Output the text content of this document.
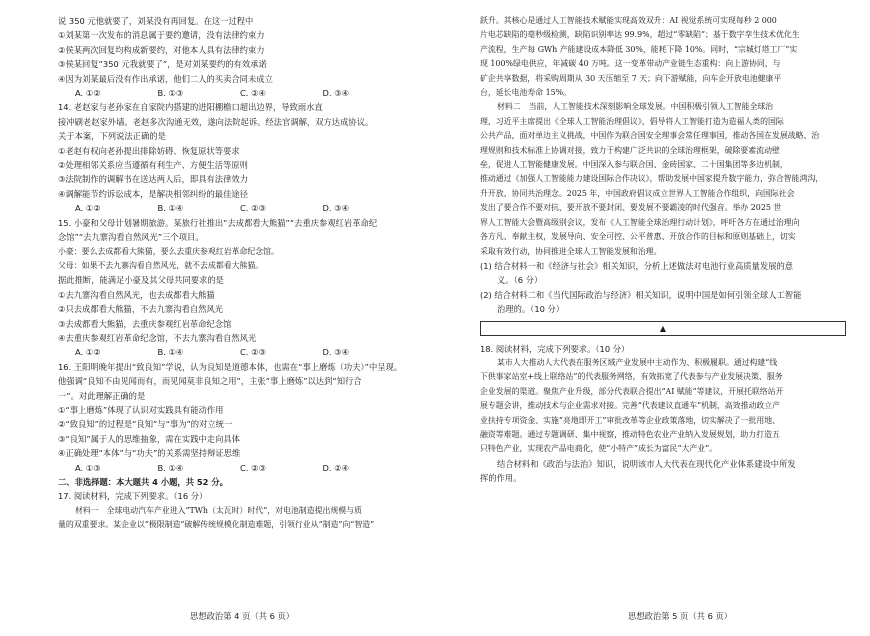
说 350 元他就要了，刘某没有再回复。在这一过程中
①刘某第一次发布的消息属于要约邀请，没有法律约束力
②侯某两次回复均构成新要约，对他本人具有法律约束力
③侯某回复“350 元我就要了”，是对刘某要约的有效承诺
④因为刘某最后没有作出承诺，他们二人的买卖合同未成立
A. ①②	B. ①③	C. ②④	D. ③④
14. 老赵家与老孙家在自家院内搭建的进阳棚檐口超出边界，导致雨水直
接冲刷老赵家外墙。老赵多次沟通无效，遂向法院起诉。经法官调解，双方达成协议。
关于本案，下列说法正确的是
①老赵有权向老孙提出排除妨碍、恢复原状等要求
②处理相邻关系应当遵循有利生产、方便生活等原则
③法院制作的调解书在送达两人后，即具有法律效力
④调解能节约诉讼成本，是解决相邻纠纷的最佳途径
A. ①②	B. ①④	C. ②③	D. ③④
15. 小豪和父母计划暑期旅游。某旅行社推出“去成都看大熊猫”“去重庆参观红岩革命纪
念馆”“去九寨沟看自然风光”三个项目。
小豪：要么去成都看大熊猫，要么去重庆参观红岩革命纪念馆。
父母：如果不去九寨沟看自然风光，就不去成都看大熊猫。
据此推断，能满足小豪及其父母共同要求的是
①去九寨沟看自然风光，也去成都看大熊猫
②只去成都看大熊猫，不去九寨沟看自然风光
③去成都看大熊猫，去重庆参观红岩革命纪念馆
④去重庆参观红岩革命纪念馆，不去九寨沟看自然风光
A. ①②	B. ①④	C. ②③	D. ③④
16. 王阳明晚年提出“致良知”学说，认为良知是道德本体，也需在“事上磨炼（功夫）”中呈现。
他强调“良知不由见闻而有，而见闻莫非良知之用”，主张“事上磨炼”以达到“知行合
一”。对此理解正确的是
①“事上磨炼”体现了认识对实践具有能动作用
②“致良知”的过程是“良知”与“事为”的对立统一
③“良知”属于人的思维抽象，需在实践中走向具体
④正确处理“本体”与“功夫”的关系需坚持辩证思维
A. ①③	B. ①④	C. ②③	D. ②④
二、非选择题：本大题共 4 小题，共 52 分。
17. 阅读材料，完成下列要求。（16 分）
材料一　全球电动汽车产业进入“TWh（太瓦时）时代”，对电池制造提出规模与质
量的双重要求。某企业以“极限制造”破解传统规模化制造难题，引领行业从“制造”向“智造”
跃升。其核心是通过人工智能技术赋能实现高效双升：AI 视觉系统可实现每秒 2 000
片电芯缺陷的毫秒级检测，缺陷识别率达 99.9%，超过“零缺陷”；基于数字孪生技术优化生
产流程，生产每 GWh 产能建设成本降低 30%，能耗下降 10%。同时，“宗城灯塔工厂”实
现 100%绿电供应，年减碳 40 万吨。这一变革带动产业链生态重构：向上游协同，与
矿企共享数据，将采购周期从 30 天压缩至 7 天；向下游赋能，向车企开放电池健康平
台，延长电池寿命 15%。
材料二　当前，人工智能技术深刻影响全球发展。中国积极引领人工智能全球治
理，习近平主席提出《全球人工智能治理倡议》，倡导将人工智能打造为造福人类的国际
公共产品，面对单边主义挑战，中国作为联合国安全理事会常任理事国，推动各国在发展战略、治
理规则和技术标准上协调对接，致力于构建广泛共识的全球治理框架，破除要素流动壁
垒，促进人工智能健康发展。中国深入参与联合国、金砖国家、二十国集团等多边机制，
推动通过《加强人工智能能力建设国际合作决议》，帮助发展中国家提升数字能力，弥合智能鸿沟，
升开放、协同共治理念。2025 年，中国政府倡议成立世界人工智能合作组织，向国际社会
发出了要合作不要对抗、要开放不要封闭、要发展不要霸凌的时代强音。举办 2025 世
界人工智能大会暨高级别会议，发布《人工智能全球治理行动计划》，呼吁各方在通过治理向
各方凡、奉献主权，发展导向、安全可控、公平普惠、开放合作的目标和原则基础上，切实
采取有效行动，协同推进全球人工智能发展和治理。
(1) 结合材料一和《经济与社会》相关知识，分析上述做法对电池行业高质量发展的意
义。（6 分）
(2) 结合材料二和《当代国际政治与经济》相关知识，说明中国是如何引领全球人工智能
治理的。（10 分）
▲
18. 阅读材料，完成下列要求。（10 分）
某市人大推动人大代表在服务区域产业发展中主动作为、积极履职。通过构建“线
下供事家站室+线上联络站”的代表服务网络，有效拓宽了代表参与产业发展决策、服务
企业发展的渠道。聚焦产业升级，部分代表联合提出“AI 赋能”等建议，开展托联络站开
展专题会讲，推动技术与企业需求对接。完善“代表建议直通车”机制，高效推动政立产
业扶持专项资金、实施“亮地即开工”审批改革等企业政策落地，切实解决了一批用地、
融资等难题。通过专题调研、集中视察，推动特色农业产业纳入发展规划，助力打造五
只特色产业，实现农产品电商化，使“小特产”成长为富民“大产业”。
结合材料和《政治与法治》知识，说明该市人大代表在现代化产业体系建设中所发
挥的作用。
思想政治第 4 页（共 6 页）	思想政治第 5 页（共 6 页）
